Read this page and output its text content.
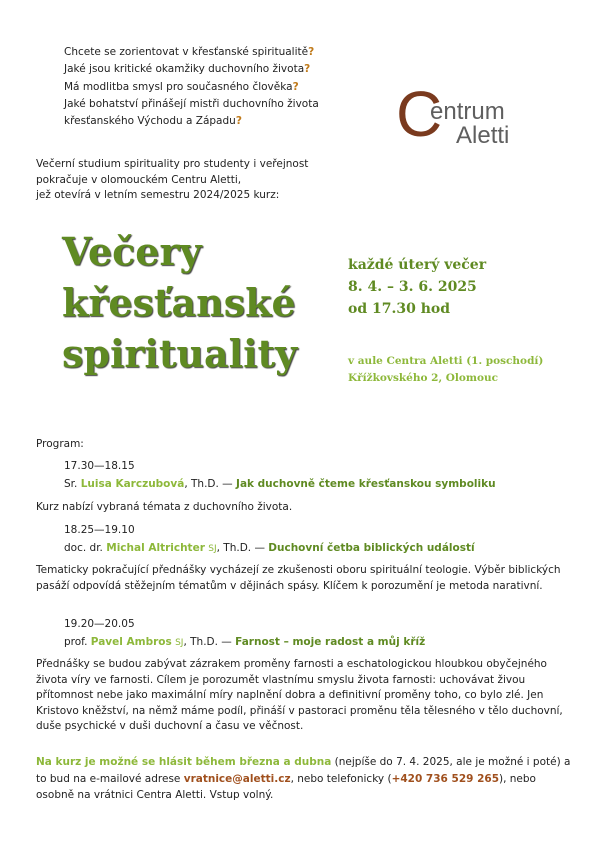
Chcete se zorientovat v křesťanské spiritualitě?
Jaké jsou kritické okamžiky duchovního života?
Má modlitba smysl pro současného člověka?
Jaké bohatství přinášejí mistři duchovního života
křesťanského Východu a Západu?	C
entrum
Aletti
Večerní studium spirituality pro studenty i veřejnost
pokračuje v olomouckém Centru Aletti,
jež otevírá v letním semestru 2024/2025 kurz:
Večery
křesťanské
spirituality
každé úterý večer
8. 4. – 3. 6. 2025
od 17.30 hod
v aule Centra Aletti (1. poschodí)
Křížkovského 2, Olomouc
Program:
17.30—18.15
Sr. Luisa Karczubová, Th.D. — Jak duchovně čteme křesťanskou symboliku
Kurz nabízí vybraná témata z duchovního života.
18.25—19.10
doc. dr. Michal Altrichter SJ, Th.D. — Duchovní četba biblických událostí
Tematicky pokračující přednášky vycházejí ze zkušenosti oboru spirituální teologie. Výběr biblických pasáží odpovídá stěžejním tématům v dějinách spásy. Klíčem k porozumění je metoda narativní.
19.20—20.05
prof. Pavel Ambros SJ, Th.D. — Farnost – moje radost a můj kříž
Přednášky se budou zabývat zázrakem proměny farnosti a eschatologickou hloubkou obyčejného života víry ve farnosti. Cílem je porozumět vlastnímu smyslu života farnosti: uchovávat živou přítomnost nebe jako maximální míry naplnění dobra a definitivní proměny toho, co bylo zlé. Jen Kristovo kněžství, na němž máme podíl, přináší v pastoraci proměnu těla tělesného v tělo duchovní, duše psychické v duši duchovní a času ve věčnost.
Na kurz je možné se hlásit během března a dubna (nejpíše do 7. 4. 2025, ale je možné i poté) a to bud na e-mailové adrese vratnice@aletti.cz, nebo telefonicky (+420 736 529 265), nebo osobně na vrátnici Centra Aletti. Vstup volný.
